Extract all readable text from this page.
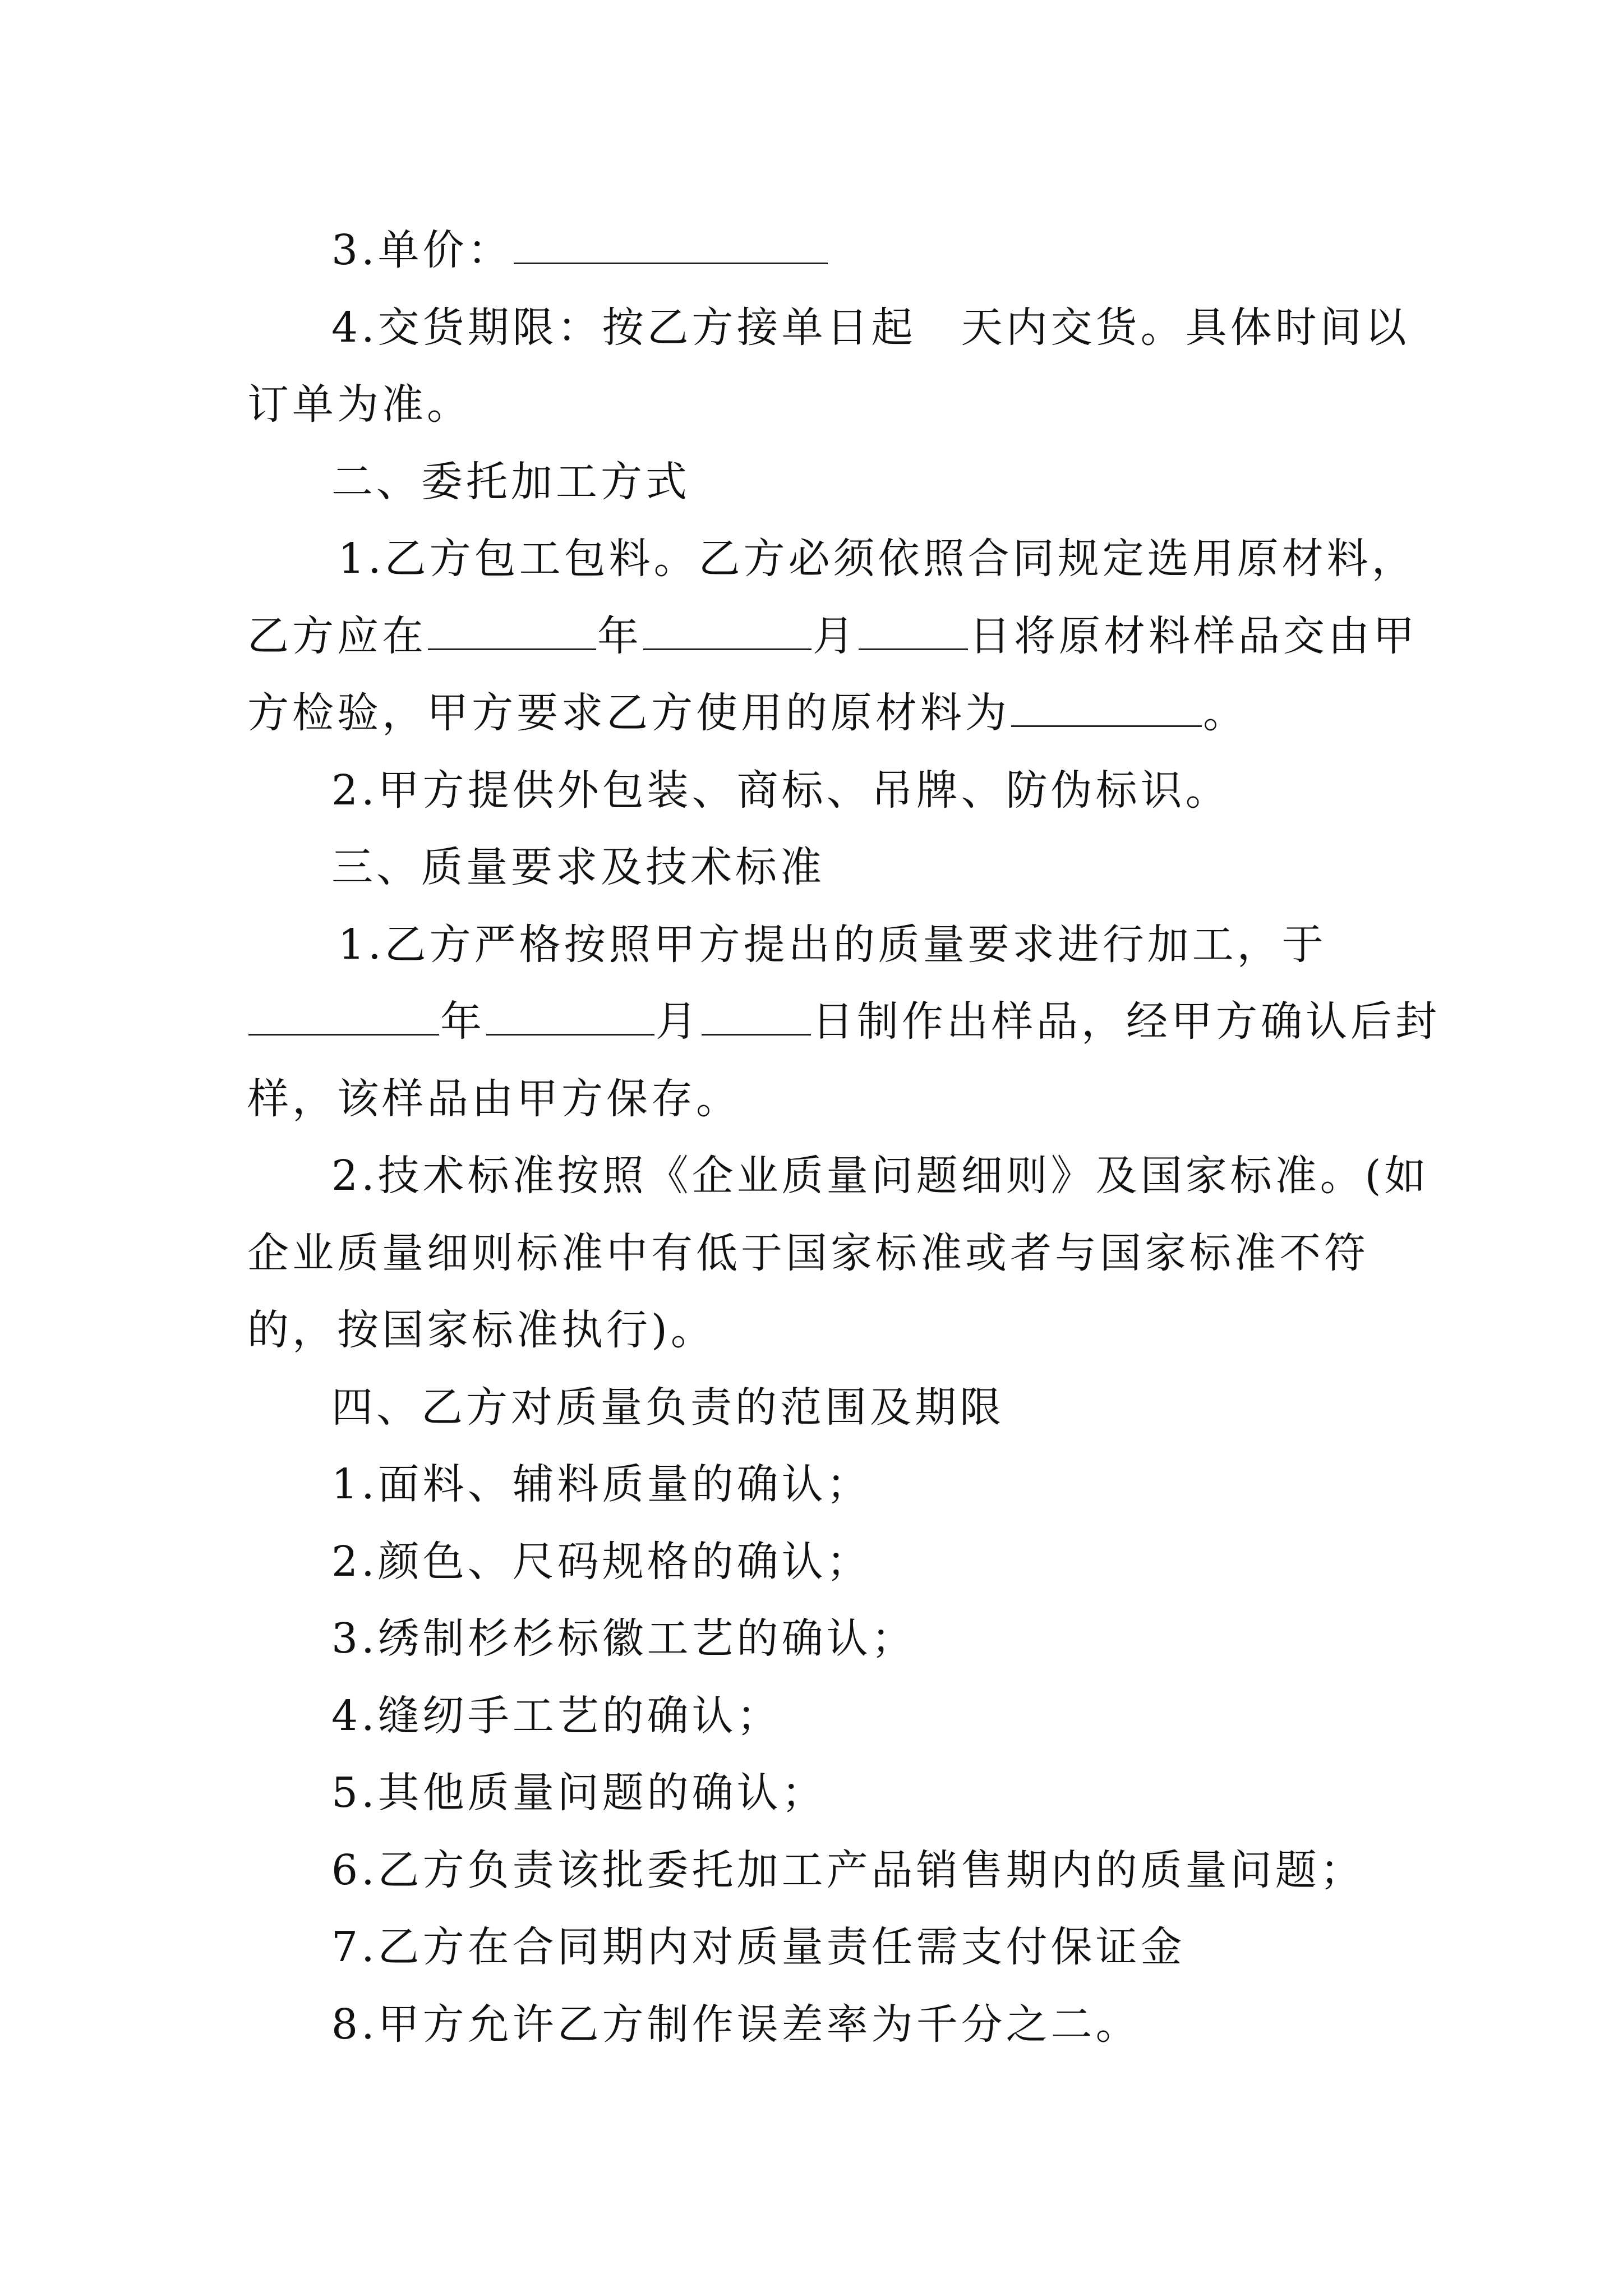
3.单价：
4.交货期限：按乙方接单日起　天内交货。具体时间以
订单为准。
二、委托加工方式
1.乙方包工包料。乙方必须依照合同规定选用原材料，
乙方应在	年	月	日将原材料样品交由甲
方检验，甲方要求乙方使用的原材料为	。
2.甲方提供外包装、商标、吊牌、防伪标识。
三、质量要求及技术标准
1.乙方严格按照甲方提出的质量要求进行加工，于
年	月	日制作出样品，经甲方确认后封
样，该样品由甲方保存。
2.技术标准按照《企业质量问题细则》及国家标准。(如
企业质量细则标准中有低于国家标准或者与国家标准不符
的，按国家标准执行)。
四、乙方对质量负责的范围及期限
1.面料、辅料质量的确认；
2.颜色、尺码规格的确认；
3.绣制杉杉标徽工艺的确认；
4.缝纫手工艺的确认；
5.其他质量问题的确认；
6.乙方负责该批委托加工产品销售期内的质量问题；
7.乙方在合同期内对质量责任需支付保证金
8.甲方允许乙方制作误差率为千分之二。
